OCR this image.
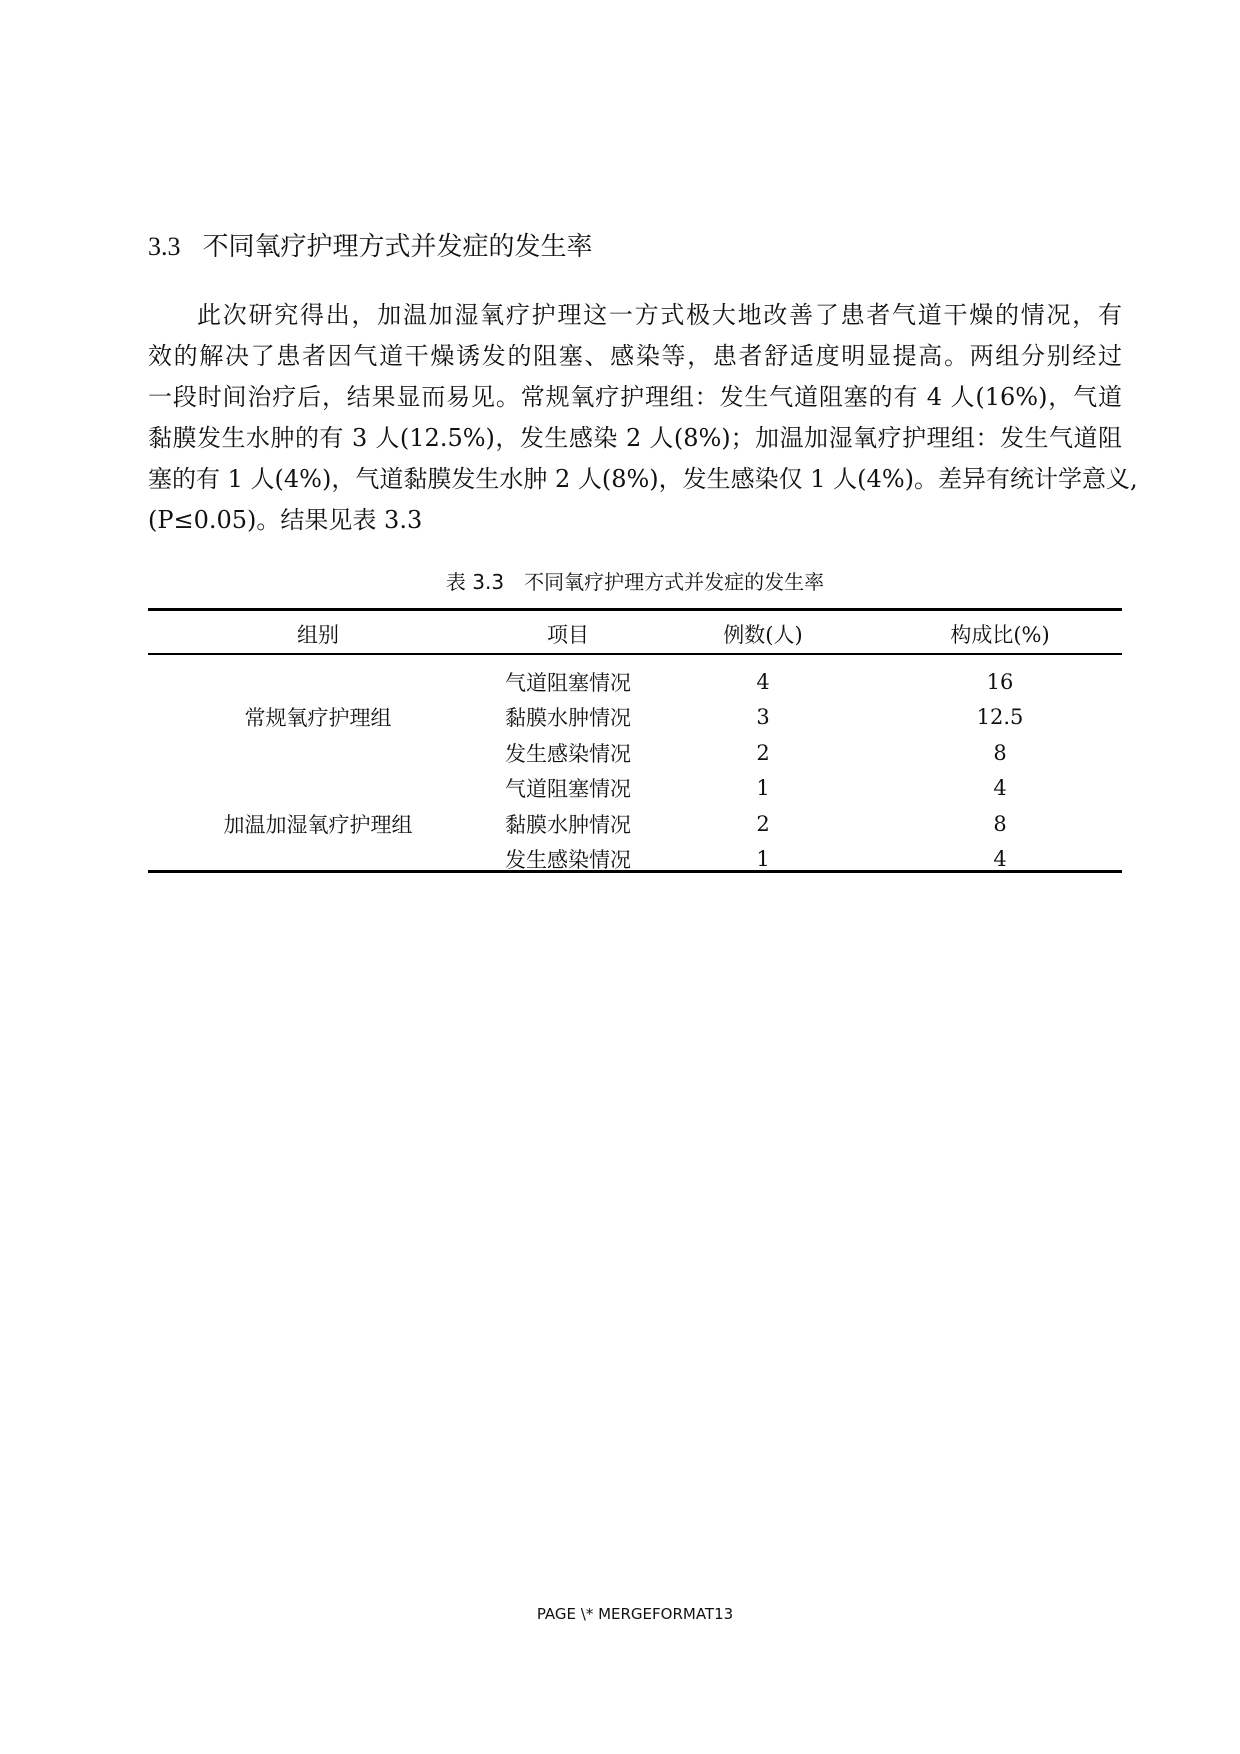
3.3 不同氧疗护理方式并发症的发生率
此次研究得出，加温加湿氧疗护理这一方式极大地改善了患者气道干燥的情况，有
效的解决了患者因气道干燥诱发的阻塞、感染等，患者舒适度明显提高。两组分别经过
一段时间治疗后，结果显而易见。常规氧疗护理组：发生气道阻塞的有 4 人(16%)，气道
黏膜发生水肿的有 3 人(12.5%)，发生感染 2 人(8%)；加温加湿氧疗护理组：发生气道阻
塞的有 1 人(4%)，气道黏膜发生水肿 2 人(8%)，发生感染仅 1 人(4%)。差异有统计学意义,
(P≤0.05)。结果见表 3.3
表 3.3　不同氧疗护理方式并发症的发生率
组别	项目	例数(人)	构成比(%)

常规氧疗护理组	气道阻塞情况	4	16
	黏膜水肿情况	3	12.5
	发生感染情况	2	8
加温加湿氧疗护理组	气道阻塞情况	1	4
	黏膜水肿情况	2	8
	发生感染情况	1	4
PAGE \* MERGEFORMAT13
